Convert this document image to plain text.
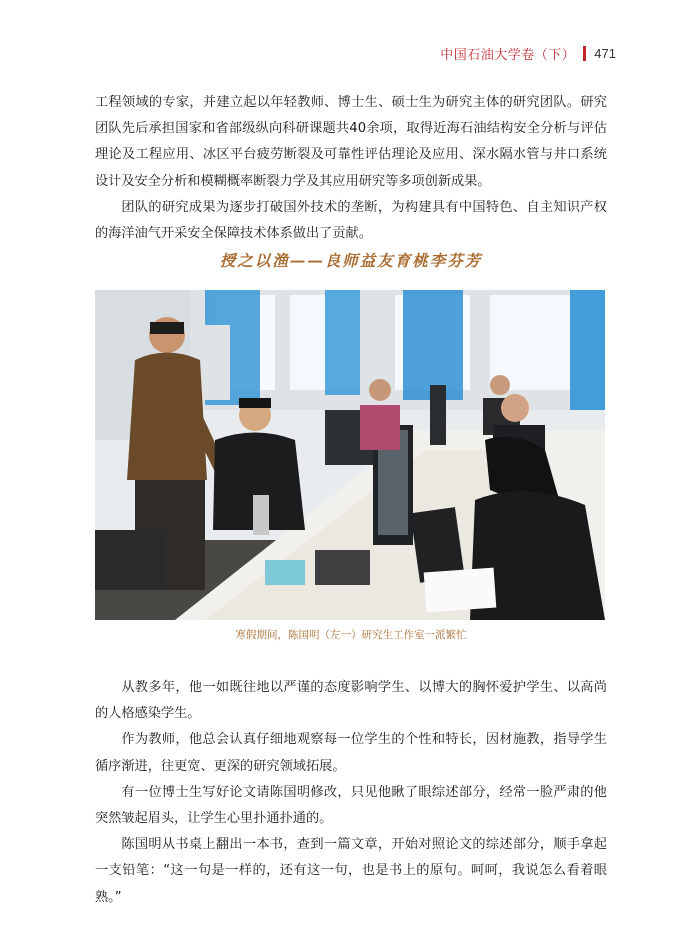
中国石油大学卷（下） 471

工程领域的专家，并建立起以年轻教师、博士生、硕士生为研究主体的研究团队。研究团队先后承担国家和省部级纵向科研课题共40余项，取得近海石油结构安全分析与评估理论及工程应用、冰区平台疲劳断裂及可靠性评估理论及应用、深水隔水管与井口系统设计及安全分析和模糊概率断裂力学及其应用研究等多项创新成果。

团队的研究成果为逐步打破国外技术的垄断，为构建具有中国特色、自主知识产权的海洋油气开采安全保障技术体系做出了贡献。

授之以渔——良师益友育桃李芬芳
寒假期间，陈国明（左一）研究生工作室一派繁忙

从教多年，他一如既往地以严谨的态度影响学生、以博大的胸怀爱护学生、以高尚的人格感染学生。

作为教师，他总会认真仔细地观察每一位学生的个性和特长，因材施教，指导学生循序渐进，往更宽、更深的研究领域拓展。

有一位博士生写好论文请陈国明修改，只见他瞅了眼综述部分，经常一脸严肃的他突然皱起眉头，让学生心里扑通扑通的。

陈国明从书桌上翻出一本书，查到一篇文章，开始对照论文的综述部分，顺手拿起一支铅笔：“这一句是一样的，还有这一句，也是书上的原句。呵呵，我说怎么看着眼熟。”
